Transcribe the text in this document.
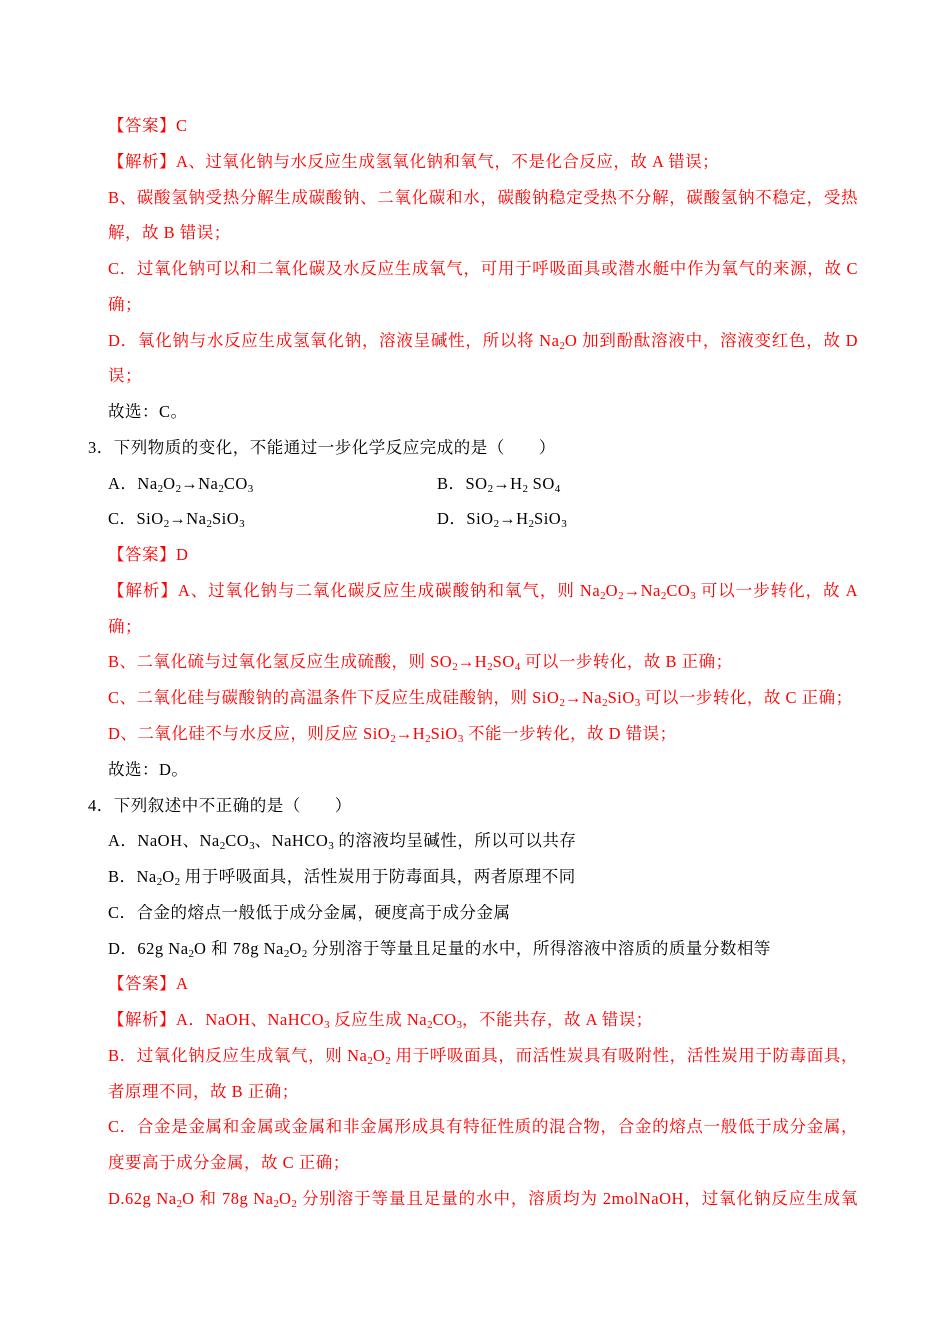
【答案】C
【解析】A、过氧化钠与水反应生成氢氧化钠和氧气，不是化合反应，故 A 错误；
B、碳酸氢钠受热分解生成碳酸钠、二氧化碳和水，碳酸钠稳定受热不分解，碳酸氢钠不稳定，受热
解，故 B 错误；
C．过氧化钠可以和二氧化碳及水反应生成氧气，可用于呼吸面具或潜水艇中作为氧气的来源，故 C
确；
D．氧化钠与水反应生成氢氧化钠，溶液呈碱性，所以将 $Na_2O$ 加到酚酞溶液中，溶液变红色，故 D
误；
故选：C。
3．下列物质的变化，不能通过一步化学反应完成的是（　　）
A．$Na_2O_2\to Na_2CO_3$	B．$SO_2\to H_2$ $SO_4$
C．$SiO_2\to Na_2SiO_3$	D．$SiO_2\to H_2SiO_3$
【答案】D
【解析】A、过氧化钠与二氧化碳反应生成碳酸钠和氧气，则 $Na_2O_2\to Na_2CO_3$ 可以一步转化，故 A
确；
B、二氧化硫与过氧化氢反应生成硫酸，则 $SO_2\to H_2SO_4$ 可以一步转化，故 B 正确；
C、二氧化硅与碳酸钠的高温条件下反应生成硅酸钠，则 $SiO_2\to Na_2SiO_3$ 可以一步转化，故 C 正确；
D、二氧化硅不与水反应，则反应 $SiO_2\to H_2SiO_3$ 不能一步转化，故 D 错误；
故选：D。
4．下列叙述中不正确的是（　　）
A．NaOH、$Na_2CO_3$、NaHCO$_3$ 的溶液均呈碱性，所以可以共存
B．$Na_2O_2$ 用于呼吸面具，活性炭用于防毒面具，两者原理不同
C．合金的熔点一般低于成分金属，硬度高于成分金属
D．62g $Na_2O$ 和 78g $Na_2O_2$ 分别溶于等量且足量的水中，所得溶液中溶质的质量分数相等
【答案】A
【解析】A．NaOH、NaHCO$_3$ 反应生成 $Na_2CO_3$，不能共存，故 A 错误；
B．过氧化钠反应生成氧气，则 $Na_2O_2$ 用于呼吸面具，而活性炭具有吸附性，活性炭用于防毒面具，
者原理不同，故 B 正确；
C．合金是金属和金属或金属和非金属形成具有特征性质的混合物，合金的熔点一般低于成分金属，
度要高于成分金属，故 C 正确；
D.62g $Na_2O$ 和 78g $Na_2O_2$ 分别溶于等量且足量的水中，溶质均为 2molNaOH，过氧化钠反应生成氧
